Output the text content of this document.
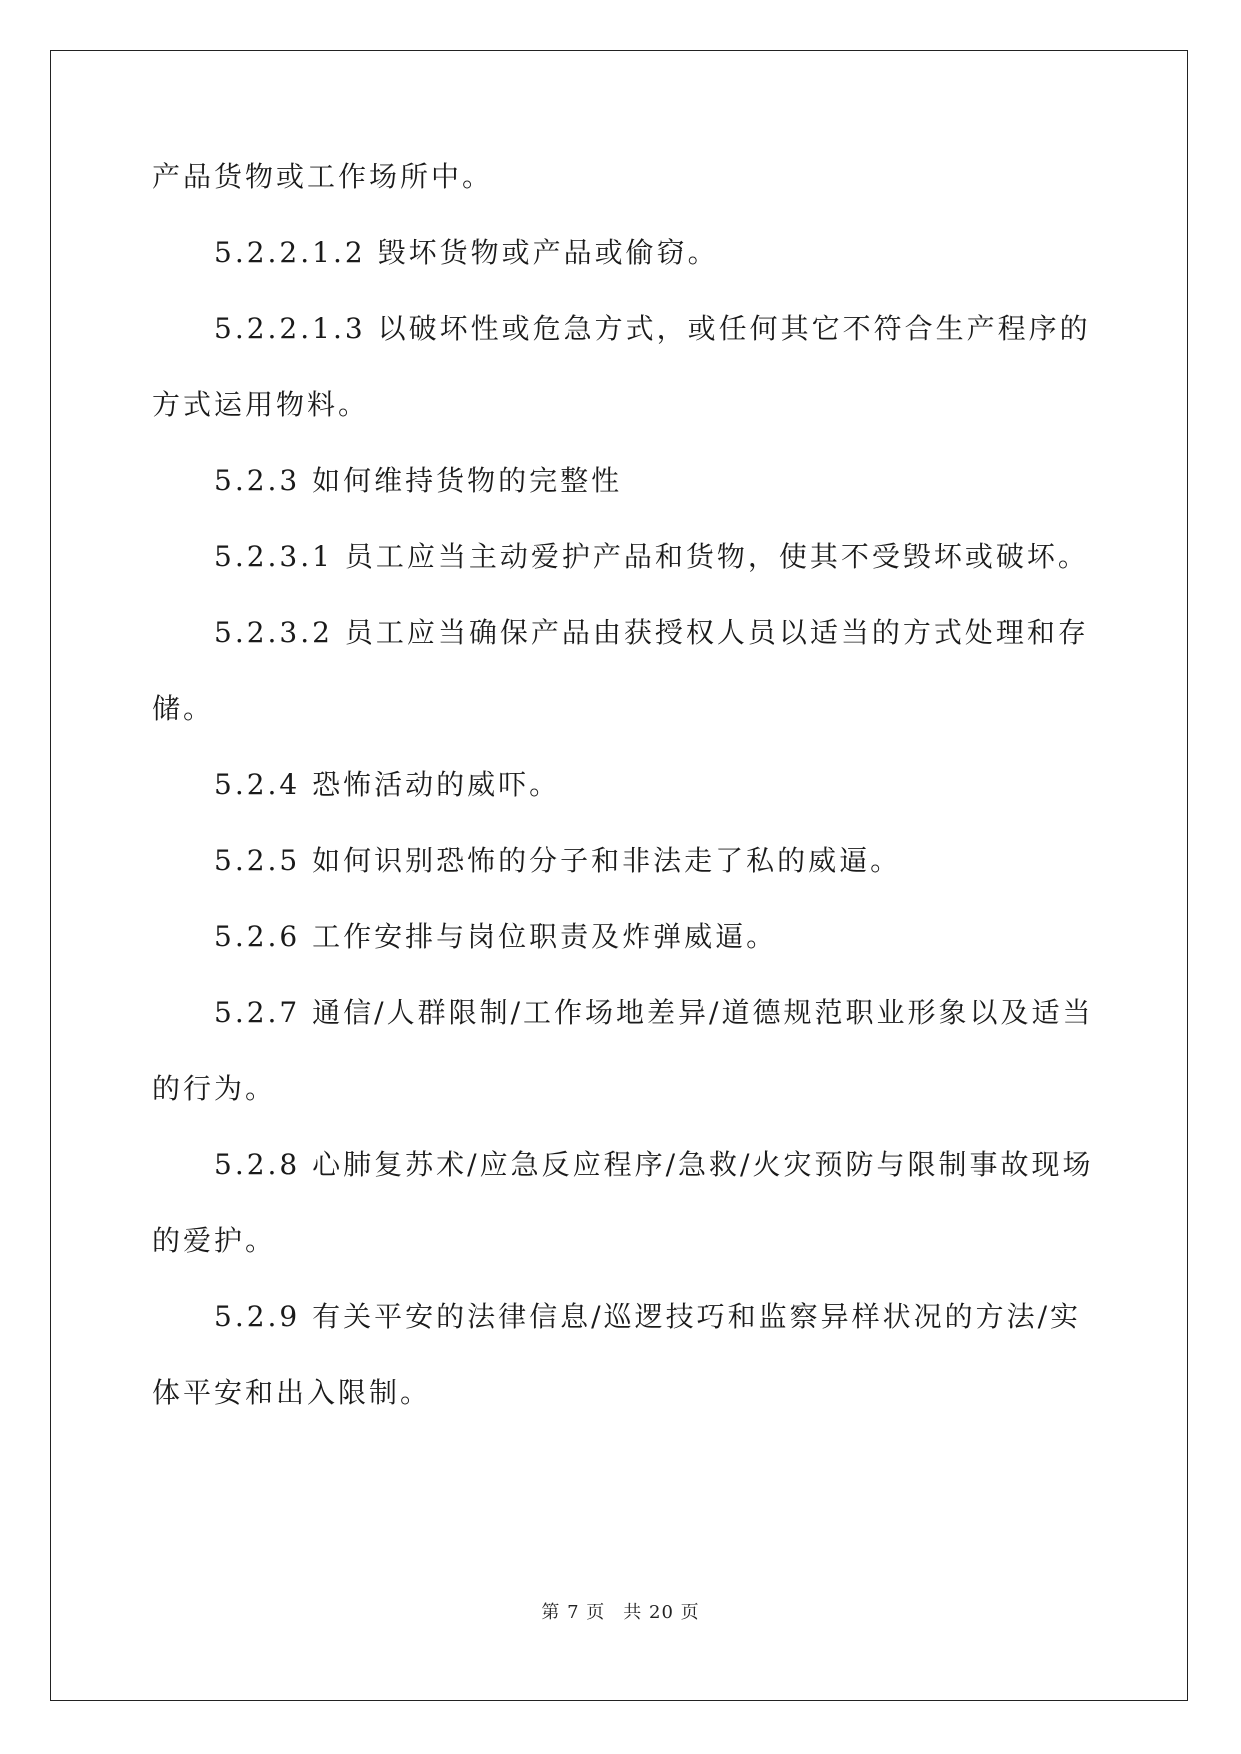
产品货物或工作场所中。
5.2.2.1.2 毁坏货物或产品或偷窃。
5.2.2.1.3 以破坏性或危急方式，或任何其它不符合生产程序的
方式运用物料。
5.2.3 如何维持货物的完整性
5.2.3.1 员工应当主动爱护产品和货物，使其不受毁坏或破坏。
5.2.3.2 员工应当确保产品由获授权人员以适当的方式处理和存
储。
5.2.4 恐怖活动的威吓。
5.2.5 如何识别恐怖的分子和非法走了私的威逼。
5.2.6 工作安排与岗位职责及炸弹威逼。
5.2.7 通信/人群限制/工作场地差异/道德规范职业形象以及适当
的行为。
5.2.8 心肺复苏术/应急反应程序/急救/火灾预防与限制事故现场
的爱护。
5.2.9 有关平安的法律信息/巡逻技巧和监察异样状况的方法/实
体平安和出入限制。
第 7 页 共 20 页
